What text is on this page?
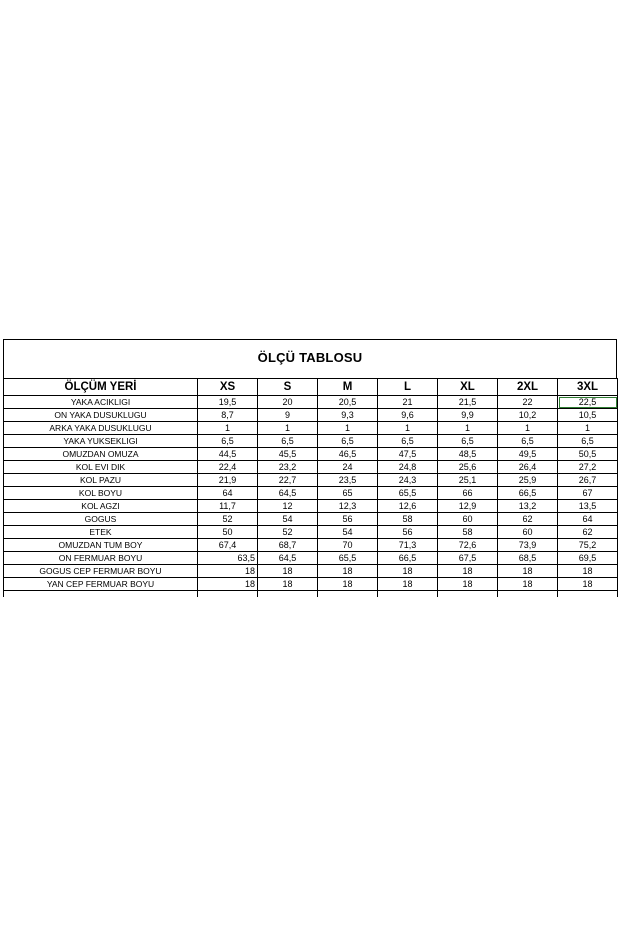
ÖLÇÜ TABLOSU
ÖLÇÜM YERİ	XS	S	M	L	XL	2XL	3XL
YAKA ACIKLIGI	19,5	20	20,5	21	21,5	22	22,5
ON YAKA DUSUKLUGU	8,7	9	9,3	9,6	9,9	10,2	10,5
ARKA YAKA DUSUKLUGU	1	1	1	1	1	1	1
YAKA YUKSEKLIGI	6,5	6,5	6,5	6,5	6,5	6,5	6,5
OMUZDAN OMUZA	44,5	45,5	46,5	47,5	48,5	49,5	50,5
KOL EVI DIK	22,4	23,2	24	24,8	25,6	26,4	27,2
KOL PAZU	21,9	22,7	23,5	24,3	25,1	25,9	26,7
KOL BOYU	64	64,5	65	65,5	66	66,5	67
KOL AGZI	11,7	12	12,3	12,6	12,9	13,2	13,5
GOGUS	52	54	56	58	60	62	64
ETEK	50	52	54	56	58	60	62
OMUZDAN TUM BOY	67,4	68,7	70	71,3	72,6	73,9	75,2
ON FERMUAR BOYU	63,5	64,5	65,5	66,5	67,5	68,5	69,5
GOGUS CEP FERMUAR BOYU	18	18	18	18	18	18	18
YAN CEP FERMUAR BOYU	18	18	18	18	18	18	18
